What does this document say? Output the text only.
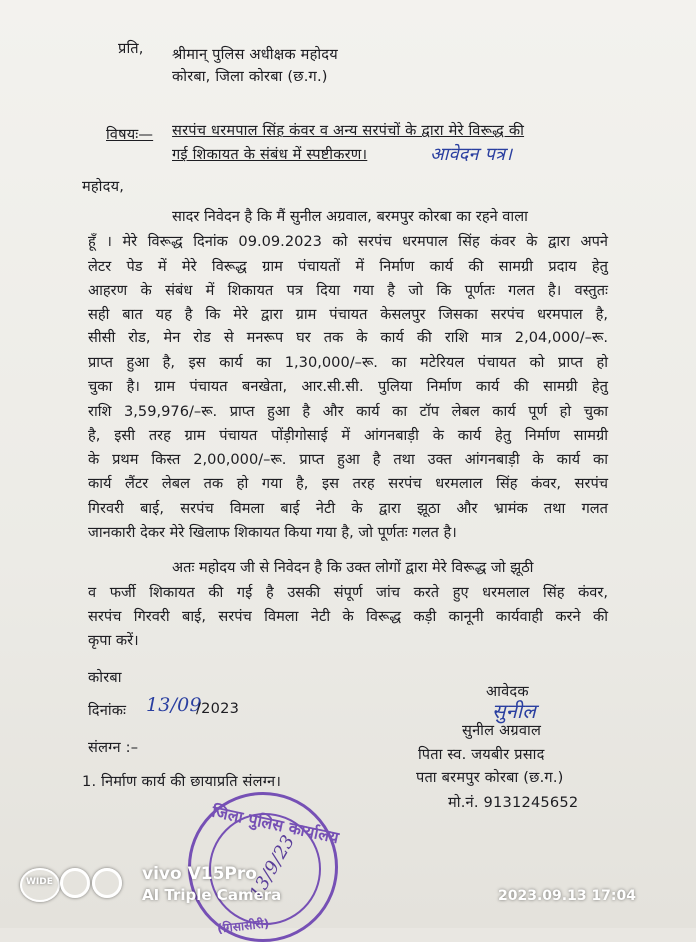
प्रति, श्रीमान् पुलिस अधीक्षक महोदय
कोरबा, जिला कोरबा (छ.ग.)
विषयः— सरपंच धरमपाल सिंह कंवर व अन्य सरपंचों के द्वारा मेरे विरूद्ध की
गई शिकायत के संबंध में स्पष्टीकरण।	आवेदन पत्र।
महोदय,
सादर निवेदन है कि मैं सुनील अग्रवाल, बरमपुर कोरबा का रहने वाला
हूँ । मेरे विरूद्ध दिनांक 09.09.2023 को सरपंच धरमपाल सिंह कंवर के द्वारा अपने
लेटर पेड में मेरे विरूद्ध ग्राम पंचायतों में निर्माण कार्य की सामग्री प्रदाय हेतु
आहरण के संबंध में शिकायत पत्र दिया गया है जो कि पूर्णतः गलत है। वस्तुतः
सही बात यह है कि मेरे द्वारा ग्राम पंचायत केसलपुर जिसका सरपंच धरमपाल है,
सीसी रोड, मेन रोड से मनरूप घर तक के कार्य की राशि मात्र 2,04,000/–रू.
प्राप्त हुआ है, इस कार्य का 1,30,000/–रू. का मटेरियल पंचायत को प्राप्त हो
चुका है। ग्राम पंचायत बनखेता, आर.सी.सी. पुलिया निर्माण कार्य की सामग्री हेतु
राशि 3,59,976/–रू. प्राप्त हुआ है और कार्य का टॉप लेबल कार्य पूर्ण हो चुका
है, इसी तरह ग्राम पंचायत पोंड़ीगोसाई में आंगनबाड़ी के कार्य हेतु निर्माण सामग्री
के प्रथम किस्त 2,00,000/–रू. प्राप्त हुआ है तथा उक्त आंगनबाड़ी के कार्य का
कार्य लैंटर लेबल तक हो गया है, इस तरह सरपंच धरमलाल सिंह कंवर, सरपंच
गिरवरी बाई, सरपंच विमला बाई नेटी के द्वारा झूठा और भ्रामंक तथा गलत
जानकारी देकर मेरे खिलाफ शिकायत किया गया है, जो पूर्णतः गलत है।
अतः महोदय जी से निवेदन है कि उक्त लोगों द्वारा मेरे विरूद्ध जो झूठी
व फर्जी शिकायत की गई है उसकी संपूर्ण जांच करते हुए धरमलाल सिंह कंवर,
सरपंच गिरवरी बाई, सरपंच विमला नेटी के विरूद्ध कड़ी कानूनी कार्यवाही करने की
कृपा करें।
कोरबा
दिनांकः 13/09
/2023
संलग्न :–
1. निर्माण कार्य की छायाप्रति संलग्न।
आवेदक
सुनील
सुनील अग्रवाल
पिता स्व. जयबीर प्रसाद
पता बरमपुर कोरबा (छ.ग.)
मो.नं. 9131245652
जिला पुलिस कार्यालय
(गिसासीरी)
13/9/23
WIDE	vivo V15Pro
AI Triple Camera	2023.09.13 17:04
